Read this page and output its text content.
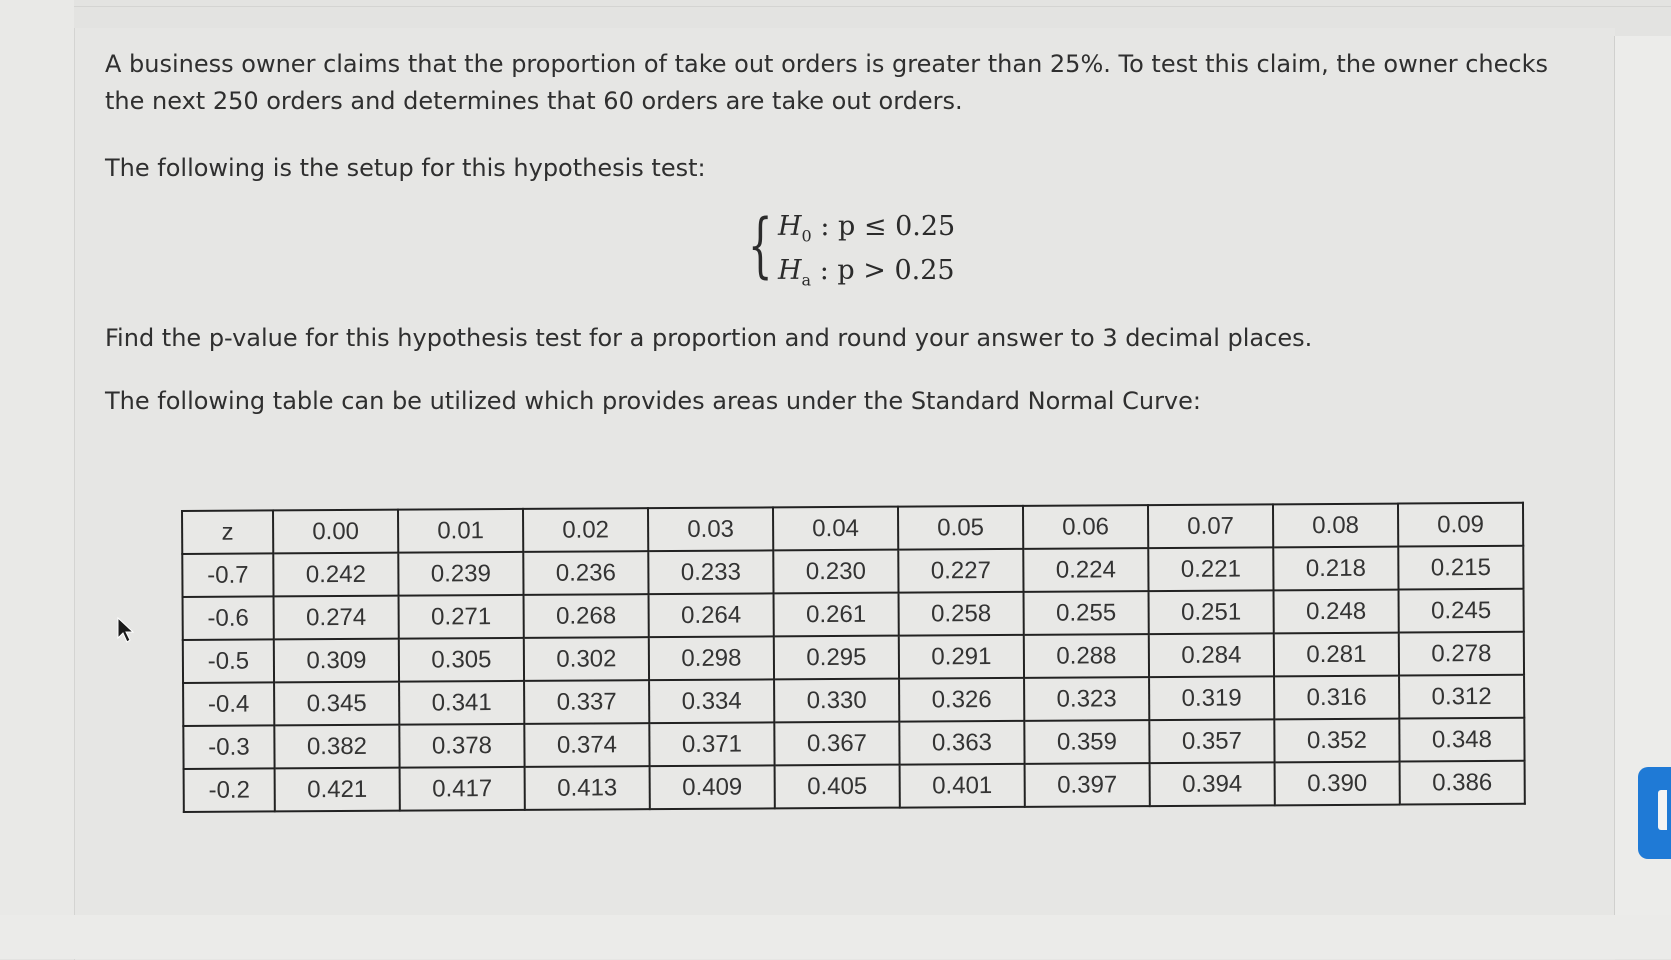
A business owner claims that the proportion of take out orders is greater than 25%. To test this claim, the owner checks the next 250 orders and determines that 60 orders are take out orders.

The following is the setup for this hypothesis test:

{ $H_0$ : p ≤ 0.25
$H_a$ : p > 0.25

Find the p-value for this hypothesis test for a proportion and round your answer to 3 decimal places.

The following table can be utilized which provides areas under the Standard Normal Curve:

z	0.00	0.01	0.02	0.03	0.04	0.05	0.06	0.07	0.08	0.09
-0.7	0.242	0.239	0.236	0.233	0.230	0.227	0.224	0.221	0.218	0.215
-0.6	0.274	0.271	0.268	0.264	0.261	0.258	0.255	0.251	0.248	0.245
-0.5	0.309	0.305	0.302	0.298	0.295	0.291	0.288	0.284	0.281	0.278
-0.4	0.345	0.341	0.337	0.334	0.330	0.326	0.323	0.319	0.316	0.312
-0.3	0.382	0.378	0.374	0.371	0.367	0.363	0.359	0.357	0.352	0.348
-0.2	0.421	0.417	0.413	0.409	0.405	0.401	0.397	0.394	0.390	0.386
